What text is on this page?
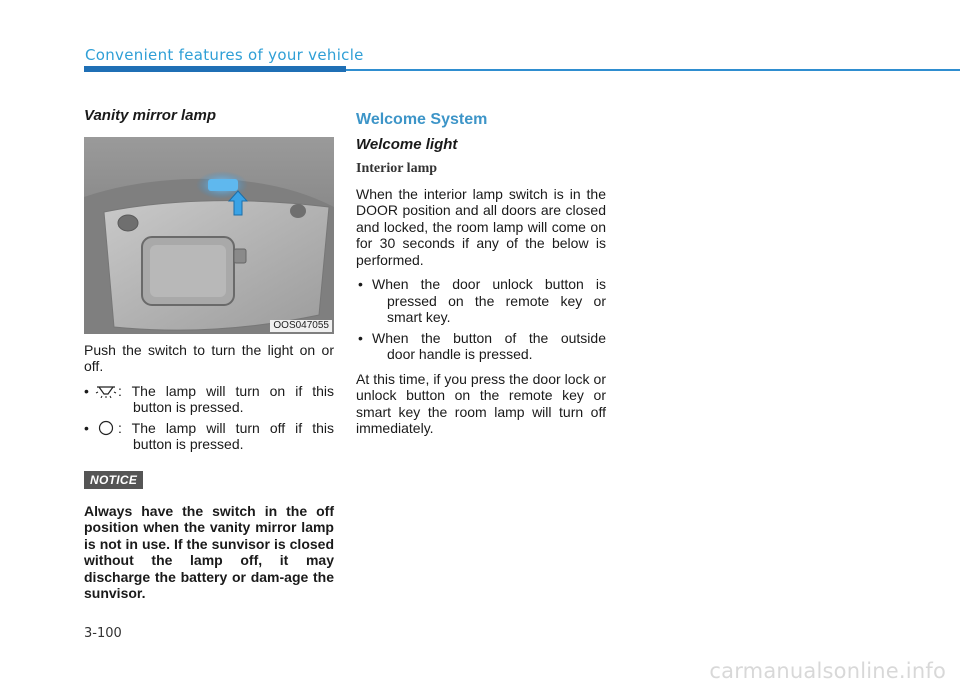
Convenient features of your vehicle
Vanity mirror lamp
OOS047055

Push the switch to turn the light on or off.

•	: The lamp will turn on if this
button is pressed.
•	: The lamp will turn off if this
button is pressed.
NOTICE

Always have the switch in the off position when the vanity mirror lamp is not in use. If the sunvisor is closed without the lamp off, it may discharge the battery or dam-age the sunvisor.

Welcome System
Welcome light
Interior lamp

When the interior lamp switch is in the DOOR position and all doors are closed and locked, the room lamp will come on for 30 seconds if any of the below is performed.

• When the door unlock button is
pressed on the remote key or smart key.
• When the button of the outside
door handle is pressed.

At this time, if you press the door lock or unlock button on the remote key or smart key the room lamp will turn off immediately.

3-100
carmanualsonline.info
